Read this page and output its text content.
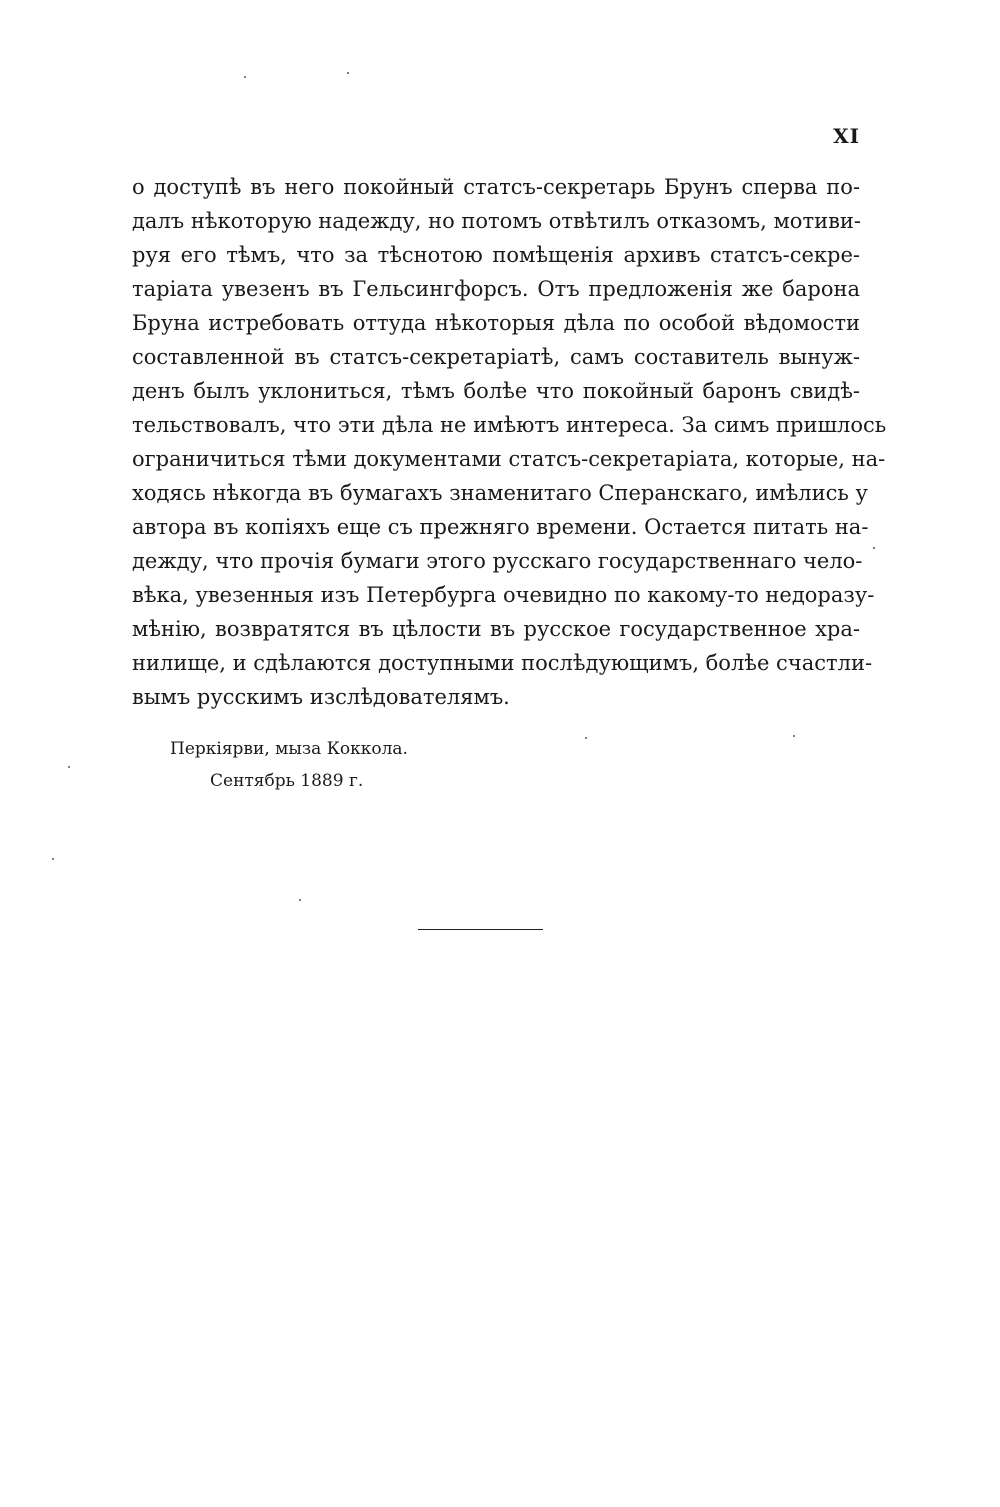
XI
о доступѣ въ него покойный статсъ-секретарь Брунъ сперва по-
далъ нѣкоторую надежду, но потомъ отвѣтилъ отказомъ, мотиви-
руя его тѣмъ, что за тѣснотою помѣщенія архивъ статсъ-секре-
таріата увезенъ въ Гельсингфорсъ. Отъ предложенія же барона
Бруна истребовать оттуда нѣкоторыя дѣла по особой вѣдомости
составленной въ статсъ-секретаріатѣ, самъ составитель вынуж-
денъ былъ уклониться, тѣмъ болѣе что покойный баронъ свидѣ-
тельствовалъ, что эти дѣла не имѣютъ интереса. За симъ пришлось
ограничиться тѣми документами статсъ-секретаріата, которые, на-
ходясь нѣкогда въ бумагахъ знаменитаго Сперанскаго, имѣлись у
автора въ копіяхъ еще съ прежняго времени. Остается питать на-
дежду, что прочія бумаги этого русскаго государственнаго чело-
вѣка, увезенныя изъ Петербурга очевидно по какому-то недоразу-
мѣнію, возвратятся въ цѣлости въ русское государственное хра-
нилище, и сдѣлаются доступными послѣдующимъ, болѣе счастли-
вымъ русскимъ изслѣдователямъ.
Перкіярви, мыза Коккола.
Сентябрь 1889 г.
